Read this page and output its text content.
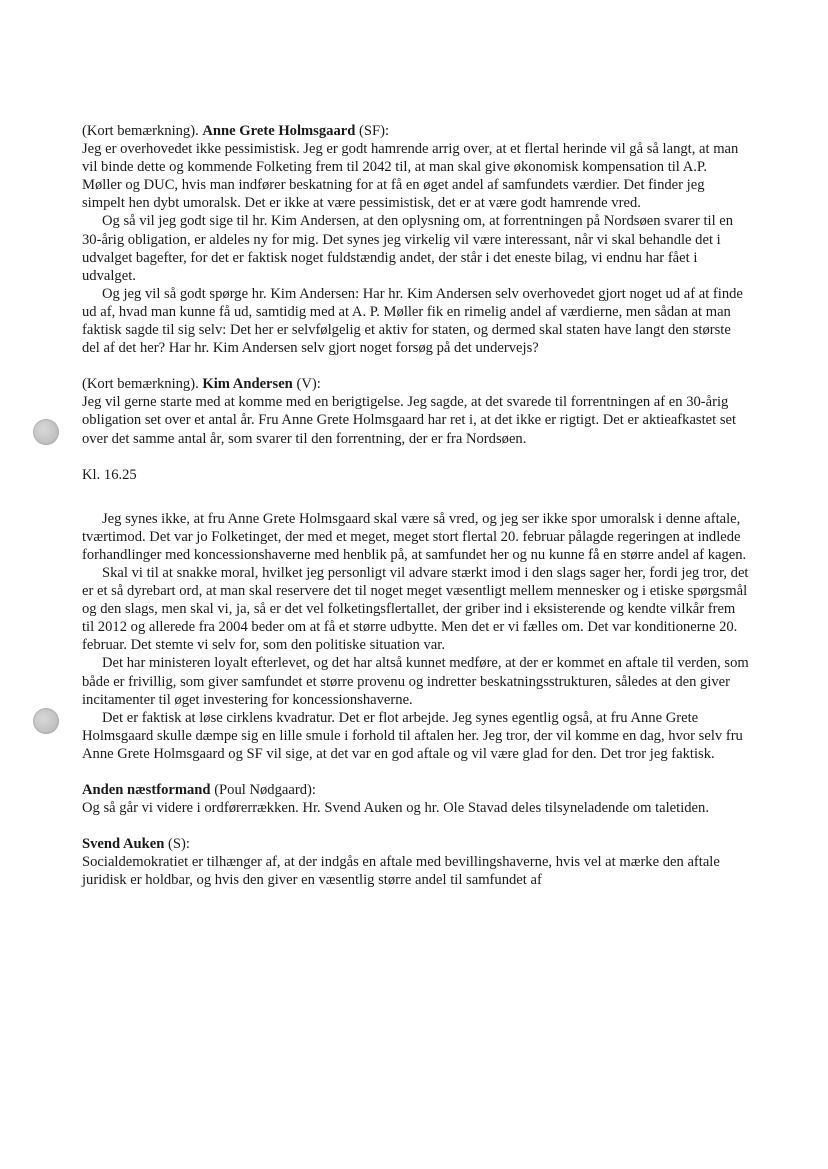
(Kort bemærkning). Anne Grete Holmsgaard (SF):

Jeg er overhovedet ikke pessimistisk. Jeg er godt hamrende arrig over, at et flertal herinde vil gå så langt, at man vil binde dette og kommende Folketing frem til 2042 til, at man skal give økonomisk kompensation til A.P. Møller og DUC, hvis man indfører beskatning for at få en øget andel af samfundets værdier. Det finder jeg simpelt hen dybt umoralsk. Det er ikke at være pessimistisk, det er at være godt hamrende vred.

Og så vil jeg godt sige til hr. Kim Andersen, at den oplysning om, at forrentningen på Nordsøen svarer til en 30-årig obligation, er aldeles ny for mig. Det synes jeg virkelig vil være interessant, når vi skal behandle det i udvalget bagefter, for det er faktisk noget fuldstændig andet, der står i det eneste bilag, vi endnu har fået i udvalget.

Og jeg vil så godt spørge hr. Kim Andersen: Har hr. Kim Andersen selv overhovedet gjort noget ud af at finde ud af, hvad man kunne få ud, samtidig med at A. P. Møller fik en rimelig andel af værdierne, men sådan at man faktisk sagde til sig selv: Det her er selvfølgelig et aktiv for staten, og dermed skal staten have langt den største del af det her? Har hr. Kim Andersen selv gjort noget forsøg på det undervejs?

(Kort bemærkning). Kim Andersen (V):

Jeg vil gerne starte med at komme med en berigtigelse. Jeg sagde, at det svarede til forrentningen af en 30-årig obligation set over et antal år. Fru Anne Grete Holmsgaard har ret i, at det ikke er rigtigt. Det er aktieafkastet set over det samme antal år, som svarer til den forrentning, der er fra Nordsøen.

Kl. 16.25

Jeg synes ikke, at fru Anne Grete Holmsgaard skal være så vred, og jeg ser ikke spor umoralsk i denne aftale, tværtimod. Det var jo Folketinget, der med et meget, meget stort flertal 20. februar pålagde regeringen at indlede forhandlinger med koncessionshaverne med henblik på, at samfundet her og nu kunne få en større andel af kagen.

Skal vi til at snakke moral, hvilket jeg personligt vil advare stærkt imod i den slags sager her, fordi jeg tror, det er et så dyrebart ord, at man skal reservere det til noget meget væsentligt mellem mennesker og i etiske spørgsmål og den slags, men skal vi, ja, så er det vel folketingsflertallet, der griber ind i eksisterende og kendte vilkår frem til 2012 og allerede fra 2004 beder om at få et større udbytte. Men det er vi fælles om. Det var konditionerne 20. februar. Det stemte vi selv for, som den politiske situation var.

Det har ministeren loyalt efterlevet, og det har altså kunnet medføre, at der er kommet en aftale til verden, som både er frivillig, som giver samfundet et større provenu og indretter beskatningsstrukturen, således at den giver incitamenter til øget investering for koncessionshaverne.

Det er faktisk at løse cirklens kvadratur. Det er flot arbejde. Jeg synes egentlig også, at fru Anne Grete Holmsgaard skulle dæmpe sig en lille smule i forhold til aftalen her. Jeg tror, der vil komme en dag, hvor selv fru Anne Grete Holmsgaard og SF vil sige, at det var en god aftale og vil være glad for den. Det tror jeg faktisk.

Anden næstformand (Poul Nødgaard):

Og så går vi videre i ordførerrækken. Hr. Svend Auken og hr. Ole Stavad deles tilsyneladende om taletiden.

Svend Auken (S):

Socialdemokratiet er tilhænger af, at der indgås en aftale med bevillingshaverne, hvis vel at mærke den aftale juridisk er holdbar, og hvis den giver en væsentlig større andel til samfundet af
